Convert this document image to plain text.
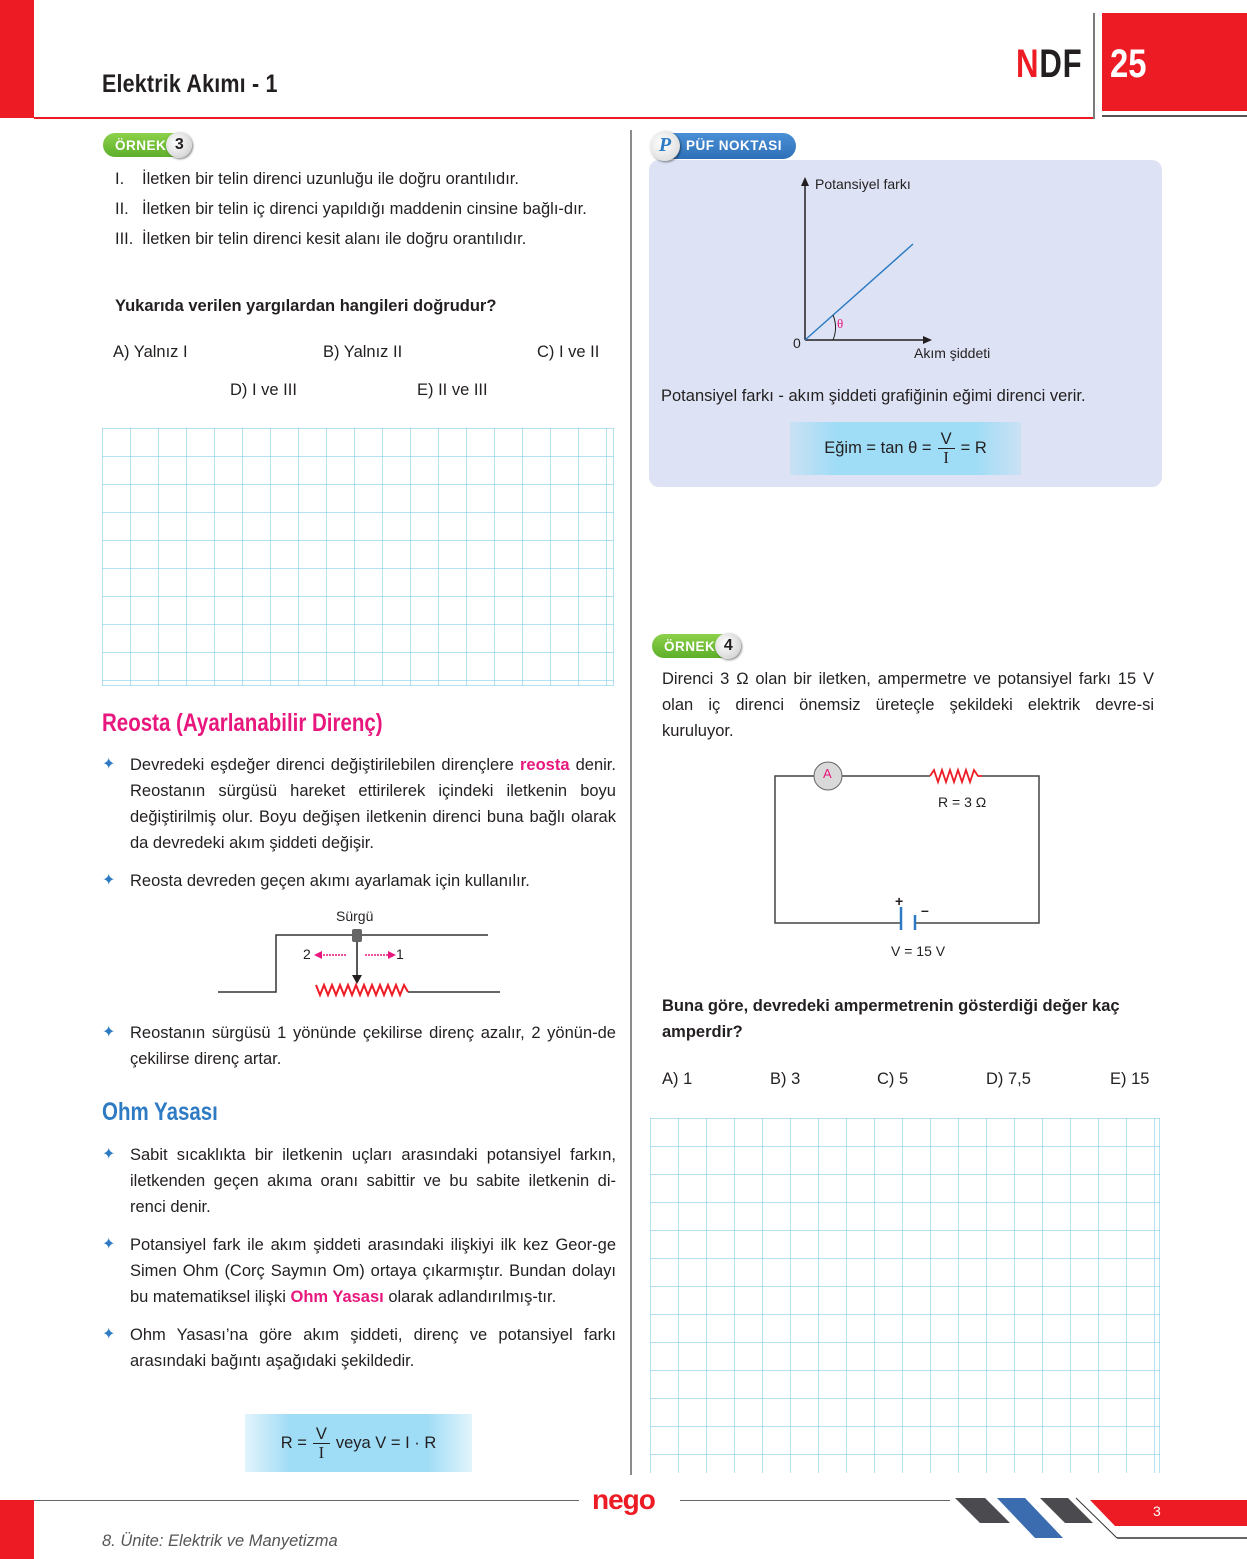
Elektrik Akımı - 1	NDF 25
ÖRNEK 3
I.	İletken bir telin direnci uzunluğu ile doğru orantılıdır.
II. İletken bir telin iç direnci yapıldığı maddenin cinsine bağlı-dır.
III. İletken bir telin direnci kesit alanı ile doğru orantılıdır.
Yukarıda verilen yargılardan hangileri doğrudur?
A) Yalnız I	B) Yalnız II	C) I ve II
D) I ve III	E) II ve III
Reosta (Ayarlanabilir Direnç)
✦ Devredeki eşdeğer direnci değiştirilebilen dirençlere reosta denir. Reostanın sürgüsü hareket ettirilerek içindeki iletkenin boyu değiştirilmiş olur. Boyu değişen iletkenin direnci buna bağlı olarak da devredeki akım şiddeti değişir.
✦ Reosta devreden geçen akımı ayarlamak için kullanılır.
Sürgü
2	1
✦ Reostanın sürgüsü 1 yönünde çekilirse direnç azalır, 2 yönün-de çekilirse direnç artar.
Ohm Yasası
✦ Sabit sıcaklıkta bir iletkenin uçları arasındaki potansiyel farkın, iletkenden geçen akıma oranı sabittir ve bu sabite iletkenin di-renci denir.
✦ Potansiyel fark ile akım şiddeti arasındaki ilişkiyi ilk kez Geor-ge Simen Ohm (Corç Saymın Om) ortaya çıkarmıştır. Bundan dolayı bu matematiksel ilişki Ohm Yasası olarak adlandırılmış-tır.
✦ Ohm Yasası’na göre akım şiddeti, direnç ve potansiyel farkı arasındaki bağıntı aşağıdaki şekildedir.
$R = \frac{V}{I}$ veya V = I · R
P	PÜF NOKTASI
Potansiyel farkı
Akım şiddeti
0
θ
Potansiyel farkı - akım şiddeti grafiğinin eğimi direnci verir.
Eğim = $\tan \theta = \frac{V}{I} = R$
ÖRNEK 4
Direnci 3 Ω olan bir iletken, ampermetre ve potansiyel farkı 15 V olan iç direnci önemsiz üreteçle şekildeki elektrik devre-si kuruluyor.
A
R = 3 Ω
+
–
V = 15 V
Buna göre, devredeki ampermetrenin gösterdiği değer kaç amperdir?
A) 1	B) 3	C) 5	D) 7,5	E) 15
8. Ünite: Elektrik ve Manyetizma
nego	3
